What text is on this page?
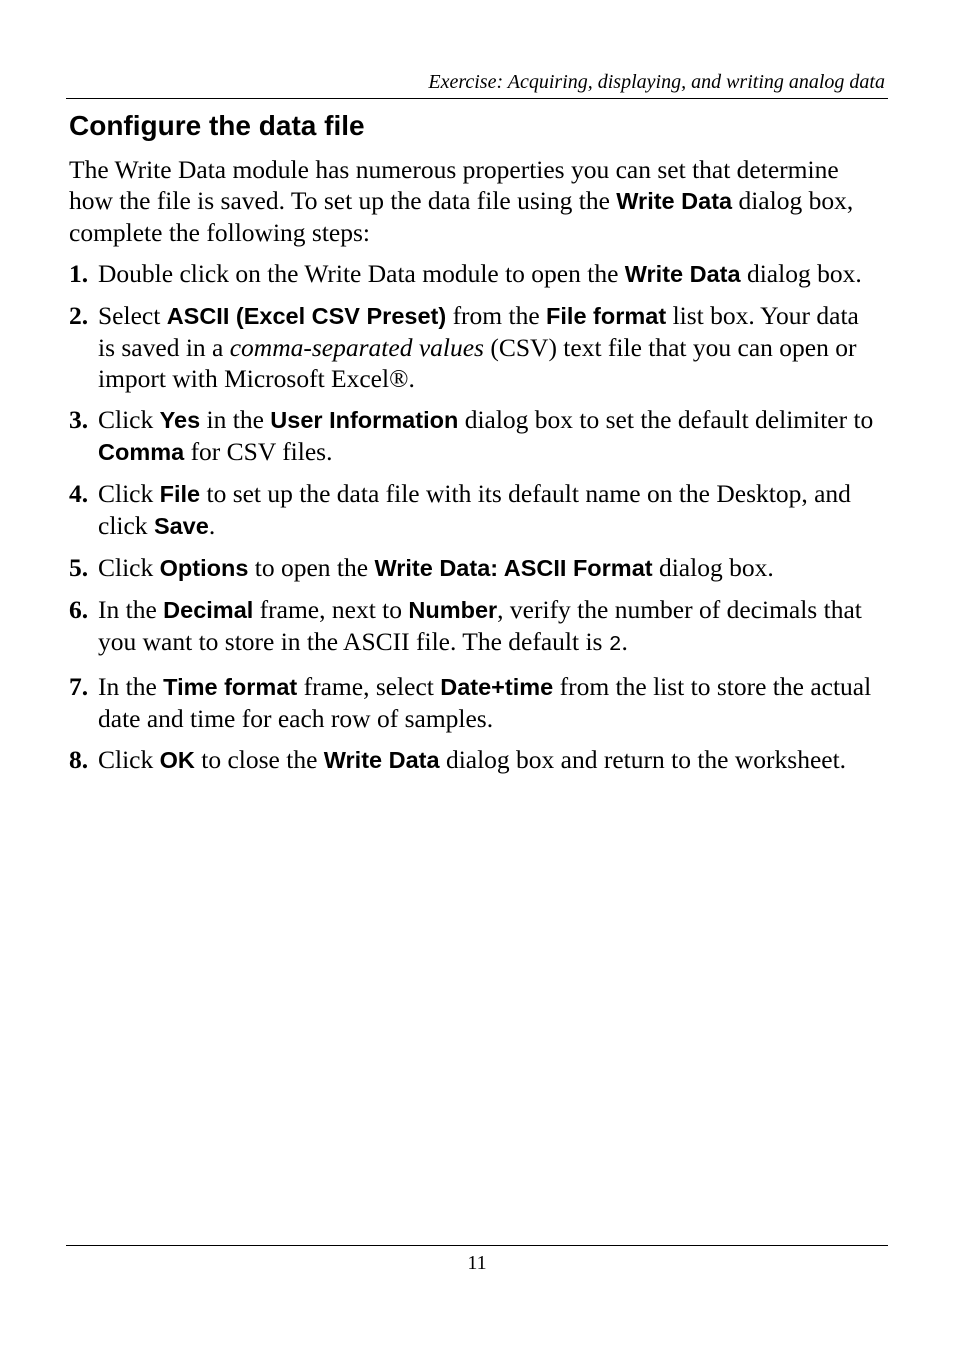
Exercise: Acquiring, displaying, and writing analog data
Configure the data file

The Write Data module has numerous properties you can set that determine how the file is saved. To set up the data file using the Write Data dialog box, complete the following steps:

1. Double click on the Write Data module to open the Write Data dialog box.
2. Select ASCII (Excel CSV Preset) from the File format list box. Your data is saved in a comma-separated values (CSV) text file that you can open or import with Microsoft Excel®.
3. Click Yes in the User Information dialog box to set the default delimiter to Comma for CSV files.
4. Click File to set up the data file with its default name on the Desktop, and click Save.
5. Click Options to open the Write Data: ASCII Format dialog box.
6. In the Decimal frame, next to Number, verify the number of decimals that you want to store in the ASCII file. The default is 2.
7. In the Time format frame, select Date+time from the list to store the actual date and time for each row of samples.
8. Click OK to close the Write Data dialog box and return to the worksheet.
11
